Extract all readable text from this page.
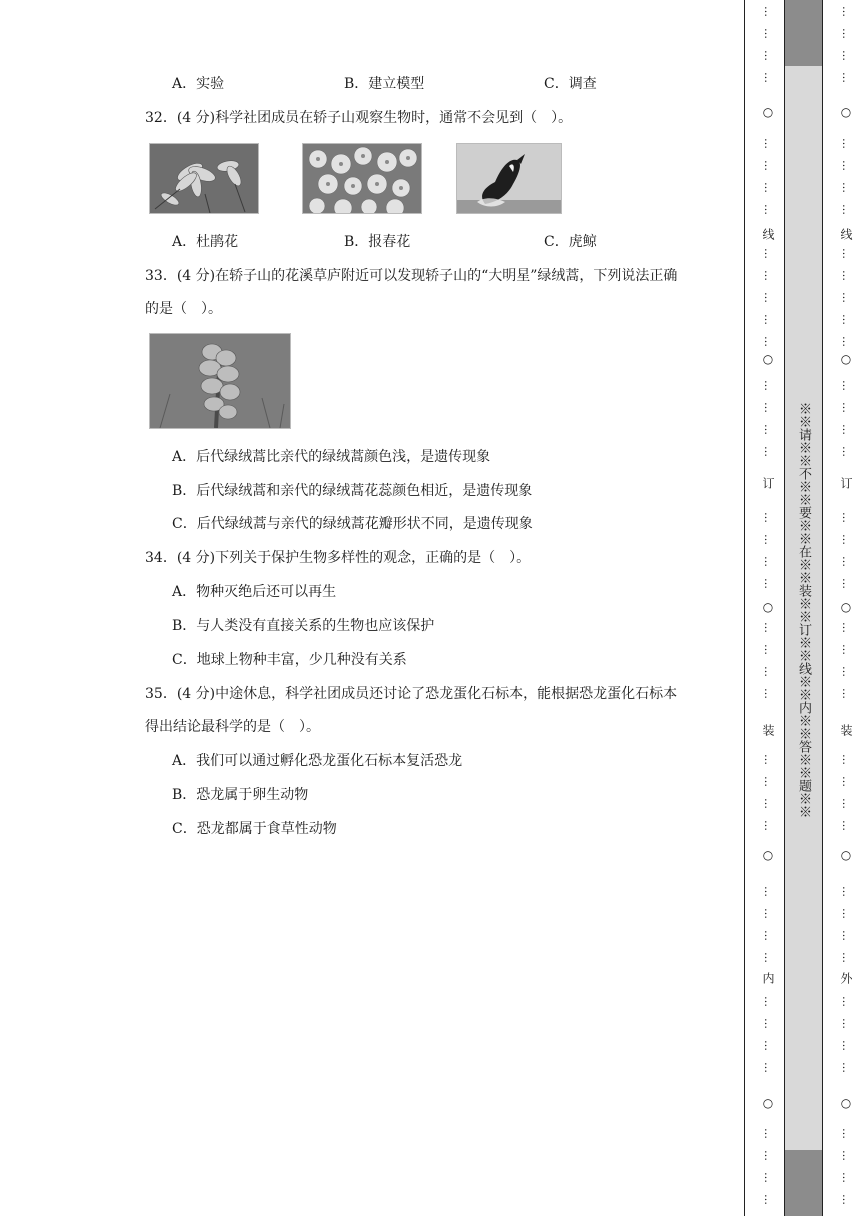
A．实验	B．建立模型	C．调查
32．(4 分)科学社团成员在轿子山观察生物时，通常不会见到（　）。
A．杜鹃花	B．报春花	C．虎鲸
33．(4 分)在轿子山的花溪草庐附近可以发现轿子山的“大明星”绿绒蒿，下列说法正确
的是（　）。
A．后代绿绒蒿比亲代的绿绒蒿颜色浅，是遗传现象
B．后代绿绒蒿和亲代的绿绒蒿花蕊颜色相近，是遗传现象
C．后代绿绒蒿与亲代的绿绒蒿花瓣形状不同，是遗传现象
34．(4 分)下列关于保护生物多样性的观念，正确的是（　）。
A．物种灭绝后还可以再生
B．与人类没有直接关系的生物也应该保护
C．地球上物种丰富，少几种没有关系
35．(4 分)中途休息，科学社团成员还讨论了恐龙蛋化石标本，能根据恐龙蛋化石标本
得出结论最科学的是（　）。
A．我们可以通过孵化恐龙蛋化石标本复活恐龙
B．恐龙属于卵生动物
C．恐龙都属于食草性动物
※※请※※不※※要※※在※※装※※订※※线※※内※※答※※题※※
○
线
○
订
○
装
○
内
○
…
…
…
…
…
…
…
…
…
…
…
…
…
…
…
…
…
…
…
…
…
…
…
…
…
…
…
…
…
…
…
…
…
…
…
…
…
…
…
…
…
○
线
○
订
○
装
○
外
○
…
…
…
…
…
…
…
…
…
…
…
…
…
…
…
…
…
…
…
…
…
…
…
…
…
…
…
…
…
…
…
…
…
…
…
…
…
…
…
…
…
